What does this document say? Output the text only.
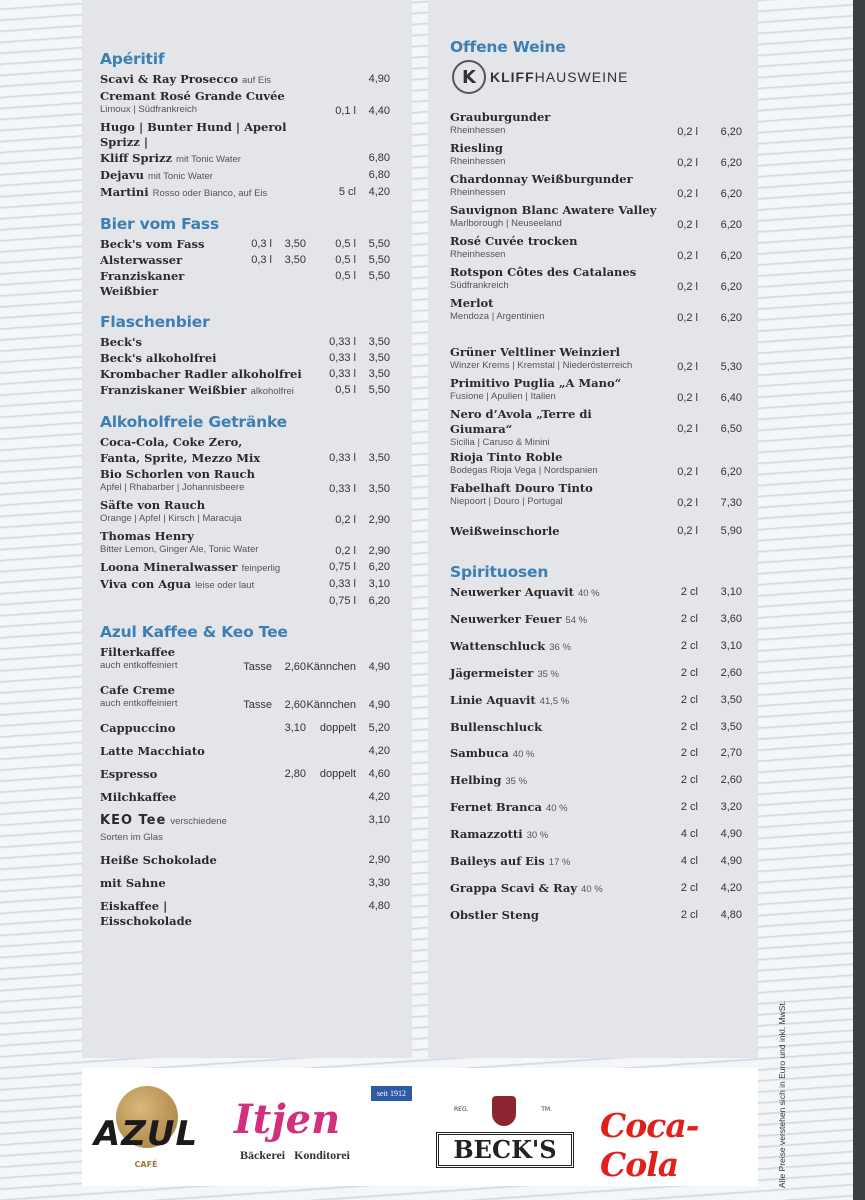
Apéritif
Scavi & Ray Prosecco auf Eis	4,90
Cremant Rosé Grande Cuvée
Limoux | Südfrankreich	0,1 l	4,40
Hugo | Bunter Hund | Aperol Sprizz |
Kliff Sprizz mit Tonic Water	6,80
Dejavu mit Tonic Water	6,80
Martini Rosso oder Bianco, auf Eis	5 cl	4,20
Bier vom Fass
Beck's vom Fass	0,3 l	3,50	0,5 l	5,50
Alsterwasser	0,3 l	3,50	0,5 l	5,50
Franziskaner Weißbier
0,5 l	5,50
Flaschenbier
Beck's	0,33 l	3,50
Beck's alkoholfrei	0,33 l	3,50
Krombacher Radler alkoholfrei	0,33 l	3,50
Franziskaner Weißbier alkoholfrei	0,5 l	5,50
Alkoholfreie Getränke
Coca-Cola, Coke Zero,
Fanta, Sprite, Mezzo Mix	0,33 l	3,50
Bio Schorlen von Rauch
Apfel | Rhabarber | Johannisbeere	0,33 l	3,50
Säfte von Rauch
Orange | Apfel | Kirsch | Maracuja	0,2 l	2,90
Thomas Henry
Bitter Lemon, Ginger Ale, Tonic Water	0,2 l	2,90
Loona Mineralwasser feinperlig	0,75 l	6,20
Viva con Agua leise oder laut	0,33 l	3,10
0,75 l	6,20
Azul Kaffee & Keo Tee
Filterkaffee
auch entkoffeiniert	Tasse	2,60 Kännchen	4,90
Cafe Creme
auch entkoffeiniert	Tasse	2,60 Kännchen	4,90
Cappuccino	3,10	doppelt	5,20
Latte Macchiato	4,20
Espresso	2,80	doppelt	4,60
Milchkaffee	4,20
KEO Tee verschiedene Sorten im Glas
3,10
Heiße Schokolade	2,90
mit Sahne	3,30
Eiskaffee | Eisschokolade
4,80
Offene Weine
K	KLIFFHAUSWEINE
Grauburgunder
Rheinhessen	0,2 l	6,20
Riesling
Rheinhessen	0,2 l	6,20
Chardonnay Weißburgunder
Rheinhessen	0,2 l	6,20
Sauvignon Blanc Awatere Valley
Marlborough | Neuseeland	0,2 l	6,20
Rosé Cuvée trocken
Rheinhessen	0,2 l	6,20
Rotspon Côtes des Catalanes
Südfrankreich	0,2 l	6,20
Merlot
Mendoza | Argentinien	0,2 l	6,20
Grüner Veltliner Weinzierl
Winzer Krems | Kremstal | Niederösterreich	0,2 l	5,30
Primitivo Puglia „A Mano“
Fusione | Apulien | Italien	0,2 l	6,40
Nero d’Avola „Terre di Giumara“
Sicilia | Caruso & Minini
0,2 l	6,50
Rioja Tinto Roble
Bodegas Rioja Vega | Nordspanien	0,2 l	6,20
Fabelhaft Douro Tinto
Niepoort | Douro | Portugal	0,2 l	7,30
Weißweinschorle	0,2 l	5,90
Spirituosen
Neuwerker Aquavit 40 %	2 cl	3,10
Neuwerker Feuer 54 %	2 cl	3,60
Wattenschluck 36 %	2 cl	3,10
Jägermeister 35 %	2 cl	2,60
Linie Aquavit 41,5 %	2 cl	3,50
Bullenschluck	2 cl	3,50
Sambuca 40 %	2 cl	2,70
Helbing 35 %	2 cl	2,60
Fernet Branca 40 %	2 cl	3,20
Ramazzotti 30 %	4 cl	4,90
Baileys auf Eis 17 %	4 cl	4,90
Grappa Scavi & Ray 40 %	2 cl	4,20
Obstler Steng	2 cl	4,80
AZUL
CAFÉ
seit 1912
Itjen
Bäckerei Konditorei
REG.	TM.
BECK'S
Coca-Cola	Alle Preise verstehen sich in Euro und inkl. MwSt.
